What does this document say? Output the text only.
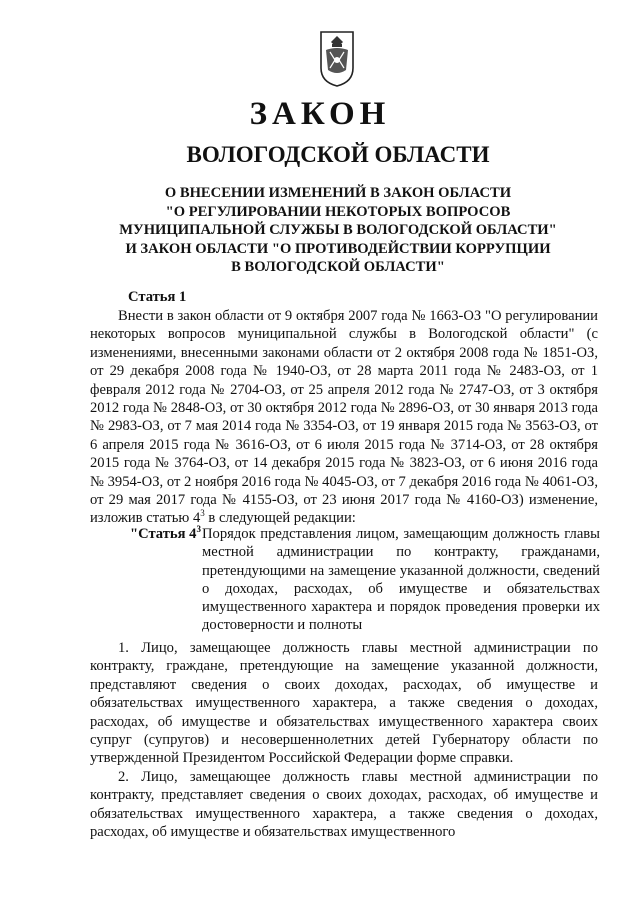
ЗАКОН
ВОЛОГОДСКОЙ ОБЛАСТИ
О ВНЕСЕНИИ ИЗМЕНЕНИЙ В ЗАКОН ОБЛАСТИ
"О РЕГУЛИРОВАНИИ НЕКОТОРЫХ ВОПРОСОВ
МУНИЦИПАЛЬНОЙ СЛУЖБЫ В ВОЛОГОДСКОЙ ОБЛАСТИ"
И ЗАКОН ОБЛАСТИ "О ПРОТИВОДЕЙСТВИИ КОРРУПЦИИ
В ВОЛОГОДСКОЙ ОБЛАСТИ"
Статья 1

Внести в закон области от 9 октября 2007 года № 1663-ОЗ "О регулировании некоторых вопросов муниципальной службы в Вологодской области" (с изменениями, внесенными законами области от 2 октября 2008 года № 1851-ОЗ, от 29 декабря 2008 года № 1940-ОЗ, от 28 марта 2011 года № 2483-ОЗ, от 1 февраля 2012 года № 2704-ОЗ, от 25 апреля 2012 года № 2747-ОЗ, от 3 октября 2012 года № 2848-ОЗ, от 30 октября 2012 года № 2896-ОЗ, от 30 января 2013 года № 2983-ОЗ, от 7 мая 2014 года № 3354-ОЗ, от 19 января 2015 года № 3563-ОЗ, от 6 апреля 2015 года № 3616-ОЗ, от 6 июля 2015 года № 3714-ОЗ, от 28 октября 2015 года № 3764-ОЗ, от 14 декабря 2015 года № 3823-ОЗ, от 6 июня 2016 года № 3954-ОЗ, от 2 ноября 2016 года № 4045-ОЗ, от 7 декабря 2016 года № 4061-ОЗ, от 29 мая 2017 года № 4155-ОЗ, от 23 июня 2017 года № 4160-ОЗ) изменение, изложив статью $4^3$ в следующей редакции:

"Статья $4^3$ Порядок представления лицом, замещающим должность главы местной администрации по контракту, гражданами, претендующими на замещение указанной должности, сведений о доходах, расходах, об имуществе и обязательствах имущественного характера и порядок проведения проверки их достоверности и полноты

1. Лицо, замещающее должность главы местной администрации по контракту, граждане, претендующие на замещение указанной должности, представляют сведения о своих доходах, расходах, об имуществе и обязательствах имущественного характера, а также сведения о доходах, расходах, об имуществе и обязательствах имущественного характера своих супруг (супругов) и несовершеннолетних детей Губернатору области по утвержденной Президентом Российской Федерации форме справки.

2. Лицо, замещающее должность главы местной администрации по контракту, представляет сведения о своих доходах, расходах, об имуществе и обязательствах имущественного характера, а также сведения о доходах, расходах, об имуществе и обязательствах имущественного
